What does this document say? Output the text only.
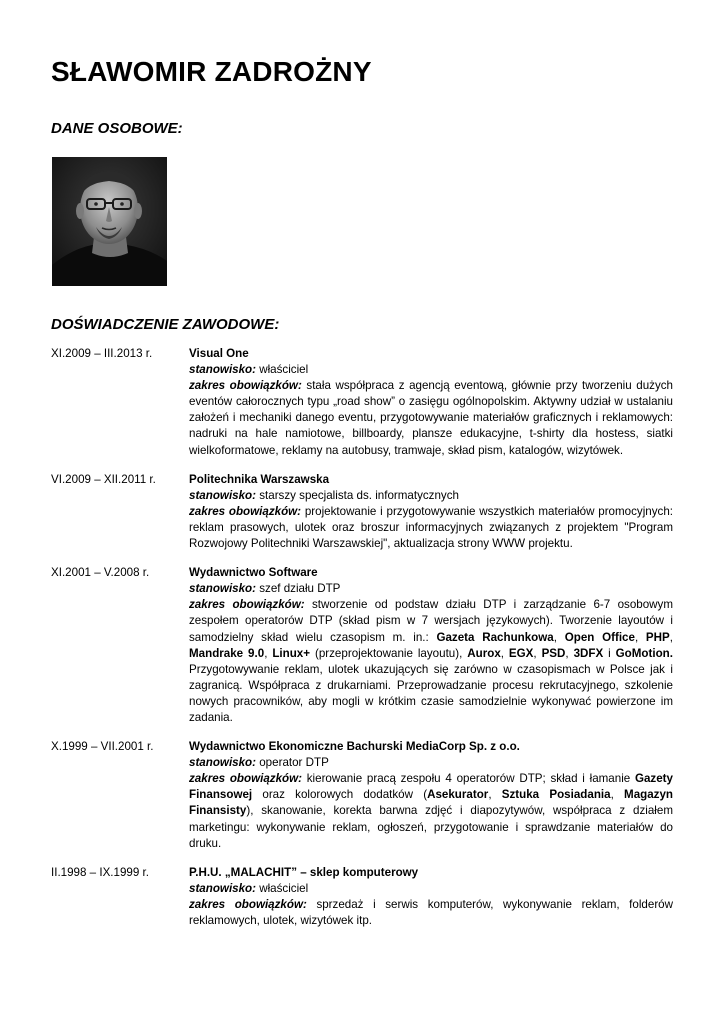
SŁAWOMIR ZADROŻNY
DANE OSOBOWE:
DOŚWIADCZENIE ZAWODOWE:
XI.2009 – III.2013 r.	Visual One
stanowisko: właściciel
zakres obowiązków: stała współpraca z agencją eventową, głównie przy tworzeniu dużych eventów całorocznych typu „road show” o zasięgu ogólnopolskim. Aktywny udział w ustalaniu założeń i mechaniki danego eventu, przygotowywanie materiałów graficznych i reklamowych: nadruki na hale namiotowe, billboardy, plansze edukacyjne, t-shirty dla hostess, siatki wielkoformatowe, reklamy na autobusy, tramwaje, skład pism, katalogów, wizytówek.
VI.2009 – XII.2011 r.	Politechnika Warszawska
stanowisko: starszy specjalista ds. informatycznych
zakres obowiązków: projektowanie i przygotowywanie wszystkich materiałów promocyjnych: reklam prasowych, ulotek oraz broszur informacyjnych związanych z projektem "Program Rozwojowy Politechniki Warszawskiej", aktualizacja strony WWW projektu.
XI.2001 – V.2008 r.	Wydawnictwo Software
stanowisko: szef działu DTP
zakres obowiązków: stworzenie od podstaw działu DTP i zarządzanie 6-7 osobowym zespołem operatorów DTP (skład pism w 7 wersjach językowych). Tworzenie layoutów i samodzielny skład wielu czasopism m. in.: Gazeta Rachunkowa, Open Office, PHP, Mandrake 9.0, Linux+ (przeprojektowanie layoutu), Aurox, EGX, PSD, 3DFX i GoMotion. Przygotowywanie reklam, ulotek ukazujących się zarówno w czasopismach w Polsce jak i zagranicą. Współpraca z drukarniami. Przeprowadzanie procesu rekrutacyjnego, szkolenie nowych pracowników, aby mogli w krótkim czasie samodzielnie wykonywać powierzone im zadania.
X.1999 – VII.2001 r.	Wydawnictwo Ekonomiczne Bachurski MediaCorp Sp. z o.o.
stanowisko: operator DTP
zakres obowiązków: kierowanie pracą zespołu 4 operatorów DTP; skład i łamanie Gazety Finansowej oraz kolorowych dodatków (Asekurator, Sztuka Posiadania, Magazyn Finansisty), skanowanie, korekta barwna zdjęć i diapozytywów, współpraca z działem marketingu: wykonywanie reklam, ogłoszeń, przygotowanie i sprawdzanie materiałów do druku.
II.1998 – IX.1999 r.	P.H.U. „MALACHIT” – sklep komputerowy
stanowisko: właściciel
zakres obowiązków: sprzedaż i serwis komputerów, wykonywanie reklam, folderów reklamowych, ulotek, wizytówek itp.
